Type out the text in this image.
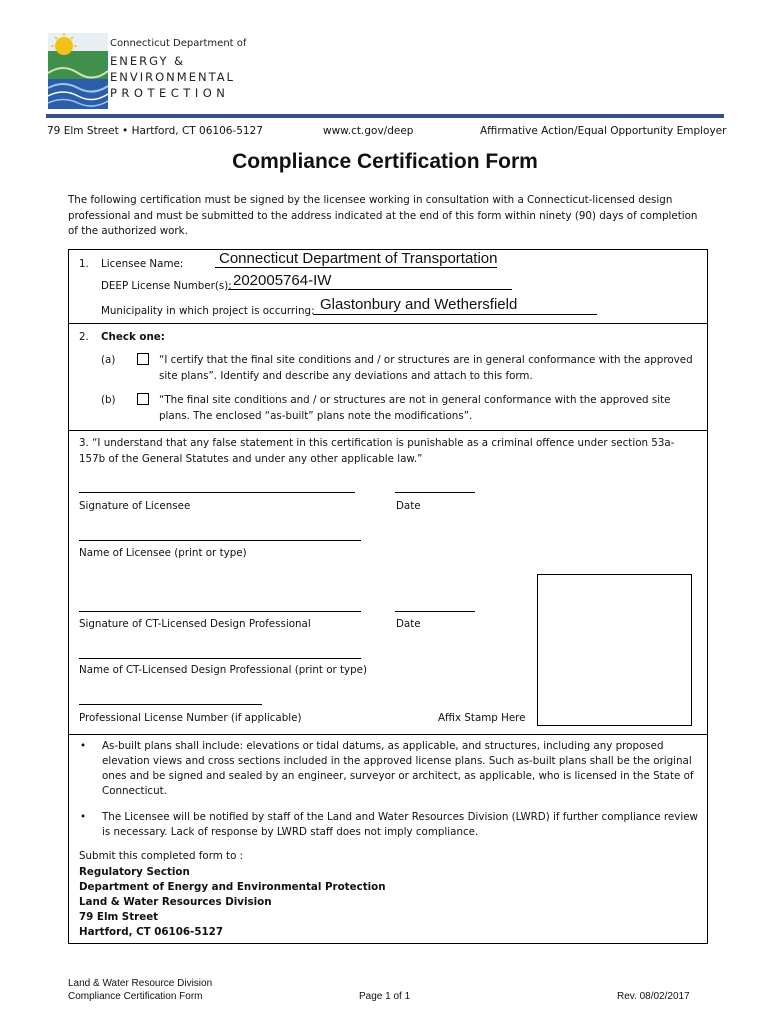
Connecticut Department of
ENERGY &
ENVIRONMENTAL
PROTECTION
79 Elm Street • Hartford, CT 06106-5127	www.ct.gov/deep	Affirmative Action/Equal Opportunity Employer
Compliance Certification Form
The following certification must be signed by the licensee working in consultation with a Connecticut-licensed design professional and must be submitted to the address indicated at the end of this form within ninety (90) days of completion of the authorized work.
1. Licensee Name: Connecticut Department of Transportation
DEEP License Number(s): 202005764-IW
Municipality in which project is occurring: Glastonbury and Wethersfield
2. Check one:
(a)	“I certify that the final site conditions and / or structures are in general conformance with the approved
site plans”. Identify and describe any deviations and attach to this form.
(b)	“The final site conditions and / or structures are not in general conformance with the approved site
plans. The enclosed “as-built” plans note the modifications”.
3. “I understand that any false statement in this certification is punishable as a criminal offence under section 53a-
157b of the General Statutes and under any other applicable law.”
Signature of Licensee	Date
Name of Licensee (print or type)
Signature of CT-Licensed Design Professional	Date
Name of CT-Licensed Design Professional (print or type)
Professional License Number (if applicable)	Affix Stamp Here
• As-built plans shall include: elevations or tidal datums, as applicable, and structures, including any proposed
elevation views and cross sections included in the approved license plans. Such as-built plans shall be the original
ones and be signed and sealed by an engineer, surveyor or architect, as applicable, who is licensed in the State of
Connecticut.
• The Licensee will be notified by staff of the Land and Water Resources Division (LWRD) if further compliance review
is necessary. Lack of response by LWRD staff does not imply compliance.
Submit this completed form to :
Regulatory Section
Department of Energy and Environmental Protection
Land & Water Resources Division
79 Elm Street
Hartford, CT 06106-5127
Land & Water Resource Division
Compliance Certification Form	Page 1 of 1	Rev. 08/02/2017
